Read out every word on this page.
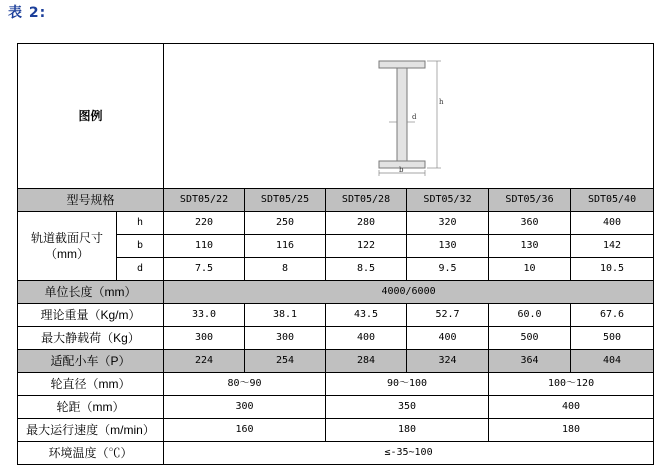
表 2:
图例		h
d
b					

型号规格		SDT05/22	SDT05/25	SDT05/28	SDT05/32	SDT05/36	SDT05/40
轨道截面尺寸（mm）	h	220	250	280	320	360	400
	b	110	116	122	130	130	142
	d	7.5	8	8.5	9.5	10	10.5
单位长度（mm）		4000/6000					
理论重量（Kg/m）		33.0	38.1	43.5	52.7	60.0	67.6
最大静载荷（Kg）		300	300	400	400	500	500
适配小车（P）		224	254	284	324	364	404
轮直径（mm）		80～90		90～100		100～120	
轮距（mm）		300		350		400	
最大运行速度（m/min）		160		180		180	
环境温度（℃）		≤-35~100					
